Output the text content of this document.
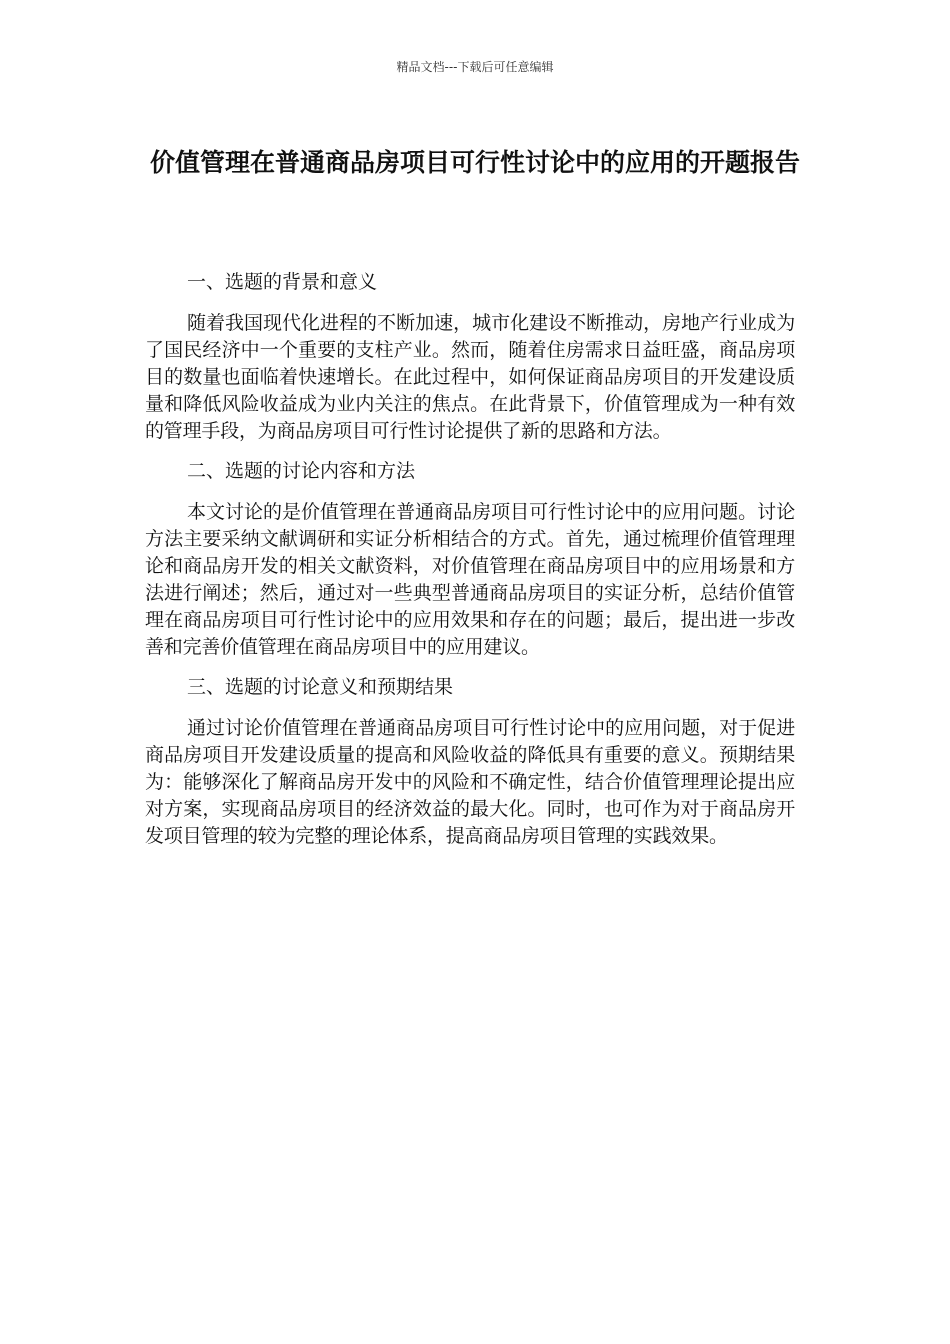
精品文档---下载后可任意编辑
价值管理在普通商品房项目可行性讨论中的应用的开题报告
一、选题的背景和意义

随着我国现代化进程的不断加速，城市化建设不断推动，房地产行业成为了国民经济中一个重要的支柱产业。然而，随着住房需求日益旺盛，商品房项目的数量也面临着快速增长。在此过程中，如何保证商品房项目的开发建设质量和降低风险收益成为业内关注的焦点。在此背景下，价值管理成为一种有效的管理手段，为商品房项目可行性讨论提供了新的思路和方法。

二、选题的讨论内容和方法

本文讨论的是价值管理在普通商品房项目可行性讨论中的应用问题。讨论方法主要采纳文献调研和实证分析相结合的方式。首先，通过梳理价值管理理论和商品房开发的相关文献资料，对价值管理在商品房项目中的应用场景和方法进行阐述；然后，通过对一些典型普通商品房项目的实证分析，总结价值管理在商品房项目可行性讨论中的应用效果和存在的问题；最后，提出进一步改善和完善价值管理在商品房项目中的应用建议。

三、选题的讨论意义和预期结果

通过讨论价值管理在普通商品房项目可行性讨论中的应用问题，对于促进商品房项目开发建设质量的提高和风险收益的降低具有重要的意义。预期结果为：能够深化了解商品房开发中的风险和不确定性，结合价值管理理论提出应对方案，实现商品房项目的经济效益的最大化。同时，也可作为对于商品房开发项目管理的较为完整的理论体系，提高商品房项目管理的实践效果。
